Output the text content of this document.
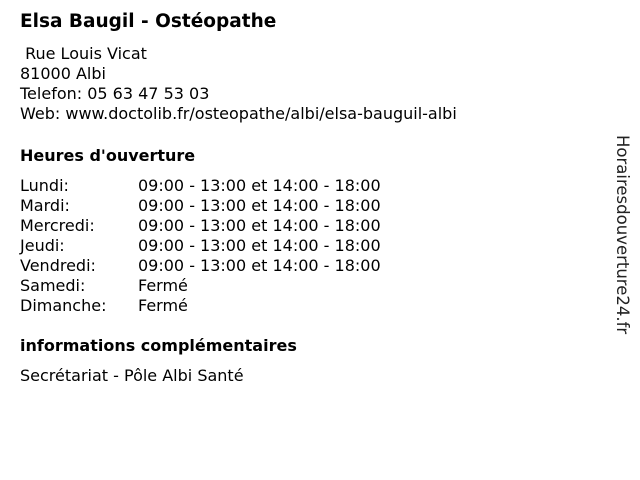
Elsa Baugil - Ostéopathe
Rue Louis Vicat
81000 Albi
Telefon: 05 63 47 53 03
Web: www.doctolib.fr/osteopathe/albi/elsa-bauguil-albi
Heures d'ouverture
Lundi:	09:00 - 13:00 et 14:00 - 18:00
Mardi:	09:00 - 13:00 et 14:00 - 18:00
Mercredi:	09:00 - 13:00 et 14:00 - 18:00
Jeudi:	09:00 - 13:00 et 14:00 - 18:00
Vendredi:	09:00 - 13:00 et 14:00 - 18:00
Samedi:	Fermé
Dimanche:	Fermé
informations complémentaires
Secrétariat - Pôle Albi Santé
Horairesdouverture24.fr
